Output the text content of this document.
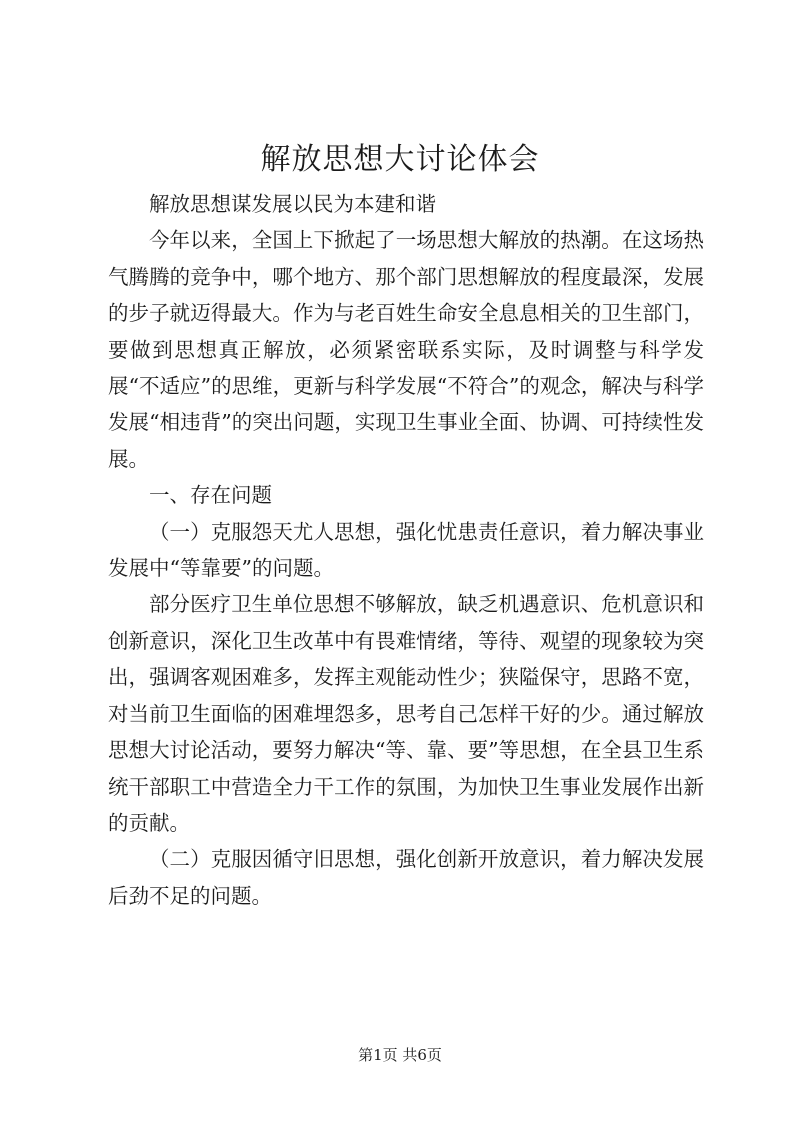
解放思想大讨论体会

解放思想谋发展以民为本建和谐

今年以来，全国上下掀起了一场思想大解放的热潮。在这场热气腾腾的竞争中，哪个地方、那个部门思想解放的程度最深，发展的步子就迈得最大。作为与老百姓生命安全息息相关的卫生部门，要做到思想真正解放，必须紧密联系实际，及时调整与科学发展“不适应”的思维，更新与科学发展“不符合”的观念，解决与科学发展“相违背”的突出问题，实现卫生事业全面、协调、可持续性发展。

一、存在问题

（一）克服怨天尤人思想，强化忧患责任意识，着力解决事业发展中“等靠要”的问题。

部分医疗卫生单位思想不够解放，缺乏机遇意识、危机意识和创新意识，深化卫生改革中有畏难情绪，等待、观望的现象较为突出，强调客观困难多，发挥主观能动性少；狭隘保守，思路不宽，对当前卫生面临的困难埋怨多，思考自己怎样干好的少。通过解放思想大讨论活动，要努力解决“等、靠、要”等思想，在全县卫生系统干部职工中营造全力干工作的氛围，为加快卫生事业发展作出新的贡献。

（二）克服因循守旧思想，强化创新开放意识，着力解决发展后劲不足的问题。

第1页 共6页
